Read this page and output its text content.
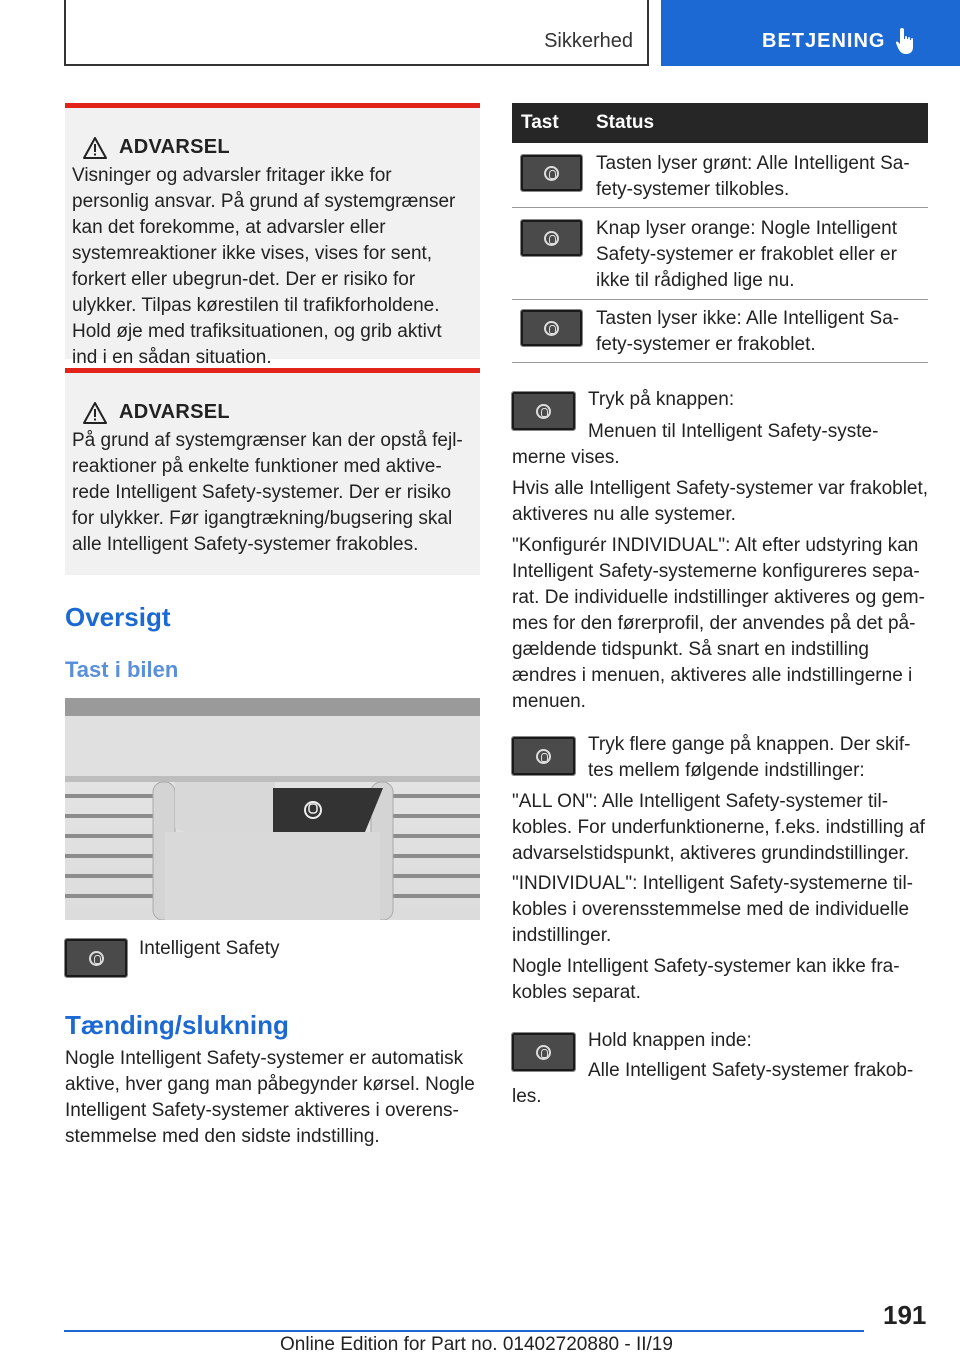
Sikkerhed	BETJENING
ADVARSEL
Visninger og advarsler fritager ikke for personlig ansvar. På grund af systemgrænser kan det forekomme, at advarsler eller systemreaktioner ikke vises, vises for sent, forkert eller ubegrun-det. Der er risiko for ulykker. Tilpas kørestilen til trafikforholdene. Hold øje med trafiksituationen, og grib aktivt ind i en sådan situation.
ADVARSEL
På grund af systemgrænser kan der opstå fejl-reaktioner på enkelte funktioner med aktive-rede Intelligent Safety-systemer. Der er risiko for ulykker. Før igangtrækning/bugsering skal alle Intelligent Safety-systemer frakobles.
Oversigt
Tast i bilen
Intelligent Safety
Tænding/slukning
Nogle Intelligent Safety-systemer er automatisk aktive, hver gang man påbegynder kørsel. Nogle Intelligent Safety-systemer aktiveres i overens-stemmelse med den sidste indstilling.
Tast	Status
Tasten lyser grønt: Alle Intelligent Sa-fety-systemer tilkobles.
Knap lyser orange: Nogle Intelligent Safety-systemer er frakoblet eller er ikke til rådighed lige nu.
Tasten lyser ikke: Alle Intelligent Sa-fety-systemer er frakoblet.
Tryk på knappen:
Menuen til Intelligent Safety-syste-merne vises.
Hvis alle Intelligent Safety-systemer var frakoblet, aktiveres nu alle systemer.
"Konfigurér INDIVIDUAL": Alt efter udstyring kan Intelligent Safety-systemerne konfigureres sepa-rat. De individuelle indstillinger aktiveres og gem-mes for den førerprofil, der anvendes på det på-gældende tidspunkt. Så snart en indstilling ændres i menuen, aktiveres alle indstillingerne i menuen.
Tryk flere gange på knappen. Der skif-tes mellem følgende indstillinger:
"ALL ON": Alle Intelligent Safety-systemer til-kobles. For underfunktionerne, f.eks. indstilling af advarselstidspunkt, aktiveres grundindstillinger.
"INDIVIDUAL": Intelligent Safety-systemerne til-kobles i overensstemmelse med de individuelle indstillinger.
Nogle Intelligent Safety-systemer kan ikke fra-kobles separat.
Hold knappen inde:
Alle Intelligent Safety-systemer frakob-les.
191
Online Edition for Part no. 01402720880 - II/19
